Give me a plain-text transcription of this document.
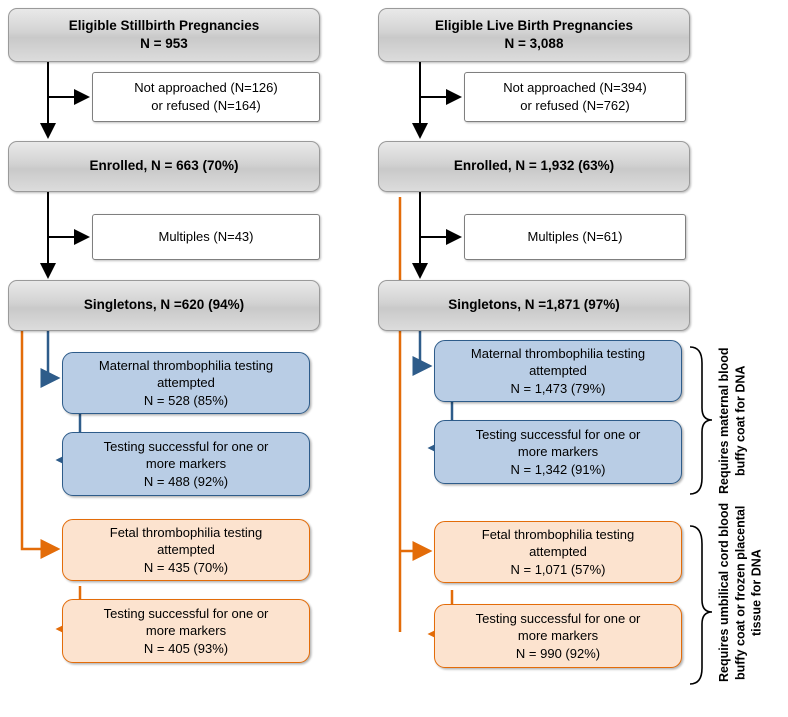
Eligible Stillbirth Pregnancies
N = 953
Not approached (N=126)
or refused (N=164)
Enrolled, N = 663 (70%)
Multiples (N=43)
Singletons, N =620 (94%)
Maternal thrombophilia testing
attempted
N = 528 (85%)
Testing successful for one or
more markers
N = 488 (92%)
Fetal thrombophilia testing
attempted
N = 435 (70%)
Testing successful for one or
more markers
N = 405 (93%)
Eligible Live Birth Pregnancies
N = 3,088
Not approached (N=394)
or refused (N=762)
Enrolled, N = 1,932 (63%)
Multiples (N=61)
Singletons, N =1,871 (97%)
Maternal thrombophilia testing
attempted
N = 1,473 (79%)
Testing successful for one or
more markers
N = 1,342 (91%)
Fetal thrombophilia testing
attempted
N = 1,071 (57%)
Testing successful for one or
more markers
N = 990 (92%)
Requires maternal blood
buffy coat for DNA
Requires umbilical cord blood
buffy coat or frozen placental
tissue for DNA
